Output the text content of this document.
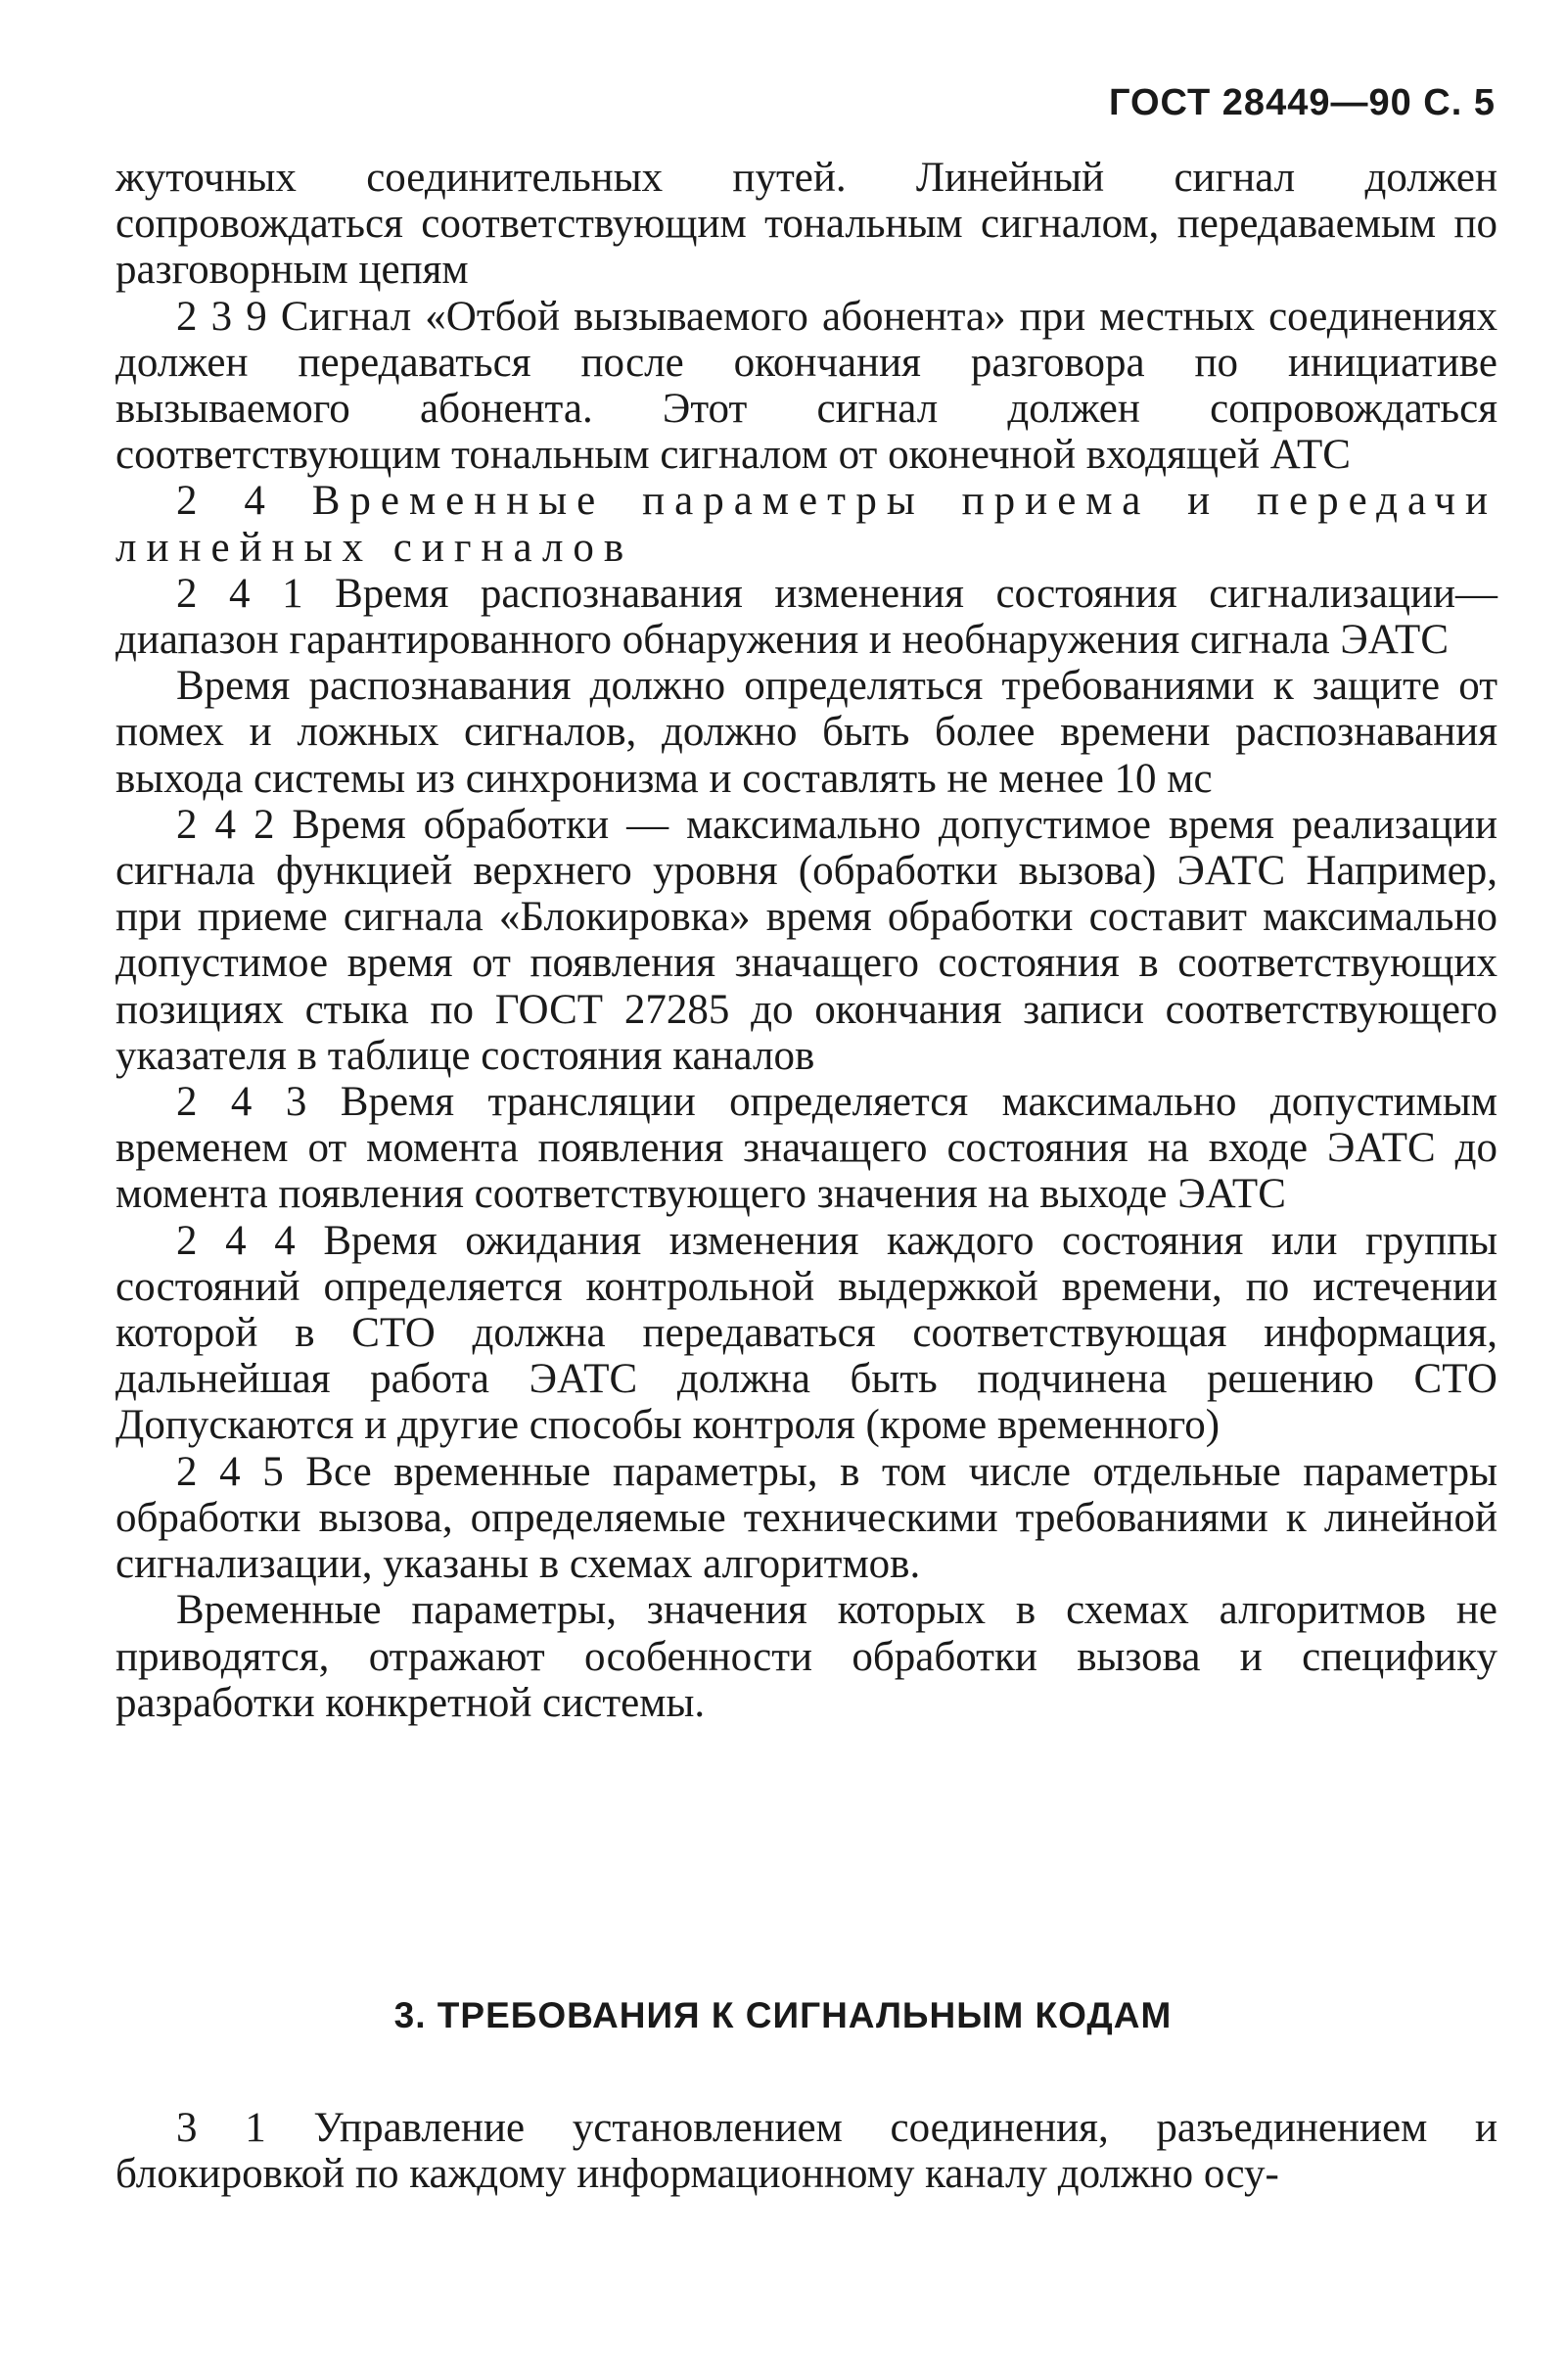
ГОСТ 28449—90 С. 5

жуточных соединительных путей. Линейный сигнал должен сопровождаться соответствующим тональным сигналом, передаваемым по разговорным цепям

2 3 9 Сигнал «Отбой вызываемого абонента» при местных соединениях должен передаваться после окончания разговора по инициативе вызываемого абонента. Этот сигнал должен сопровождаться соответствующим тональным сигналом от оконечной входящей АТС

2 4 Временные параметры приема и передачи линейных сигналов

2 4 1 Время распознавания изменения состояния сигнализации— диапазон гарантированного обнаружения и необнаружения сигнала ЭАТС

Время распознавания должно определяться требованиями к защите от помех и ложных сигналов, должно быть более времени распознавания выхода системы из синхронизма и составлять не менее 10 мс

2 4 2 Время обработки — максимально допустимое время реализации сигнала функцией верхнего уровня (обработки вызова) ЭАТС Например, при приеме сигнала «Блокировка» время обработки составит максимально допустимое время от появления значащего состояния в соответствующих позициях стыка по ГОСТ 27285 до окончания записи соответствующего указателя в таблице состояния каналов

2 4 3 Время трансляции определяется максимально допустимым временем от момента появления значащего состояния на входе ЭАТС до момента появления соответствующего значения на выходе ЭАТС

2 4 4 Время ожидания изменения каждого состояния или группы состояний определяется контрольной выдержкой времени, по истечении которой в СТО должна передаваться соответствующая информация, дальнейшая работа ЭАТС должна быть подчинена решению СТО Допускаются и другие способы контроля (кроме временного)

2 4 5 Все временные параметры, в том числе отдельные параметры обработки вызова, определяемые техническими требованиями к линейной сигнализации, указаны в схемах алгоритмов.

Временные параметры, значения которых в схемах алгоритмов не приводятся, отражают особенности обработки вызова и специфику разработки конкретной системы.

3. ТРЕБОВАНИЯ К СИГНАЛЬНЫМ КОДАМ

3 1 Управление установлением соединения, разъединением и блокировкой по каждому информационному каналу должно осу-
